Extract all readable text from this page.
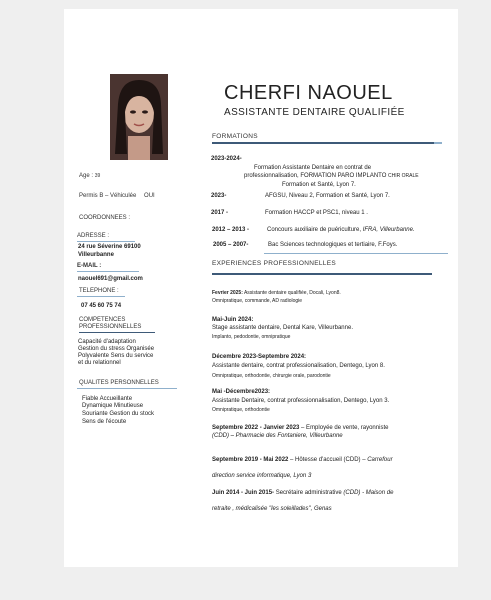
CHERFI NAOUEL
ASSISTANTE DENTAIRE QUALIFIÉE
Age : 39
Permis B – Véhiculée OUI
COORDONNEES :
ADRESSE :
24 rue Séverine 69100
Villeurbanne
E-MAIL :
naouel691@gmail.com
TELEPHONE :
07 45 60 75 74
COMPETENCES
PROFESSIONNELLES
Capacité d'adaptation
Gestion du stress Organisée
Polyvalente Sens du service
et du relationnel
QUALITES PERSONNELLES
Fiable Accueillante
Dynamique Minutieuse
Souriante Gestion du stock
Sens de l'écoute
FORMATIONS
2023-2024-
Formation Assistante Dentaire en contrat de
professionnalisation, FORMATION PARO IMPLANTO CHIR ORALE
Formation et Santé, Lyon 7.
2023-	AFGSU, Niveau 2, Formation et Santé, Lyon 7.
2017 -	Formation HACCP et PSC1, niveau 1 .
2012 – 2013 -	Concours auxiliaire de puériculture, IFRA, Villeurbanne.
2005 – 2007-	Bac Sciences technologiques et tertiaire, F.Foys.
EXPERIENCES PROFESSIONNELLES
Fevrier 2025: Assistante dentaire qualifiée, Docali, Lyon8.
Omnipratique, commande, AD radiologie
Mai-Juin 2024:
Stage assistante dentaire, Dental Kare, Villeurbanne.
Implanto, pedodontie, omnipratique
Décembre 2023-Septembre 2024:
Assistante dentaire, contrat professionalisation, Dentego, Lyon 8.
Omnipratique, orthodontie, chirurgie orale, parodontie
Mai -Décembre2023:
Assistante Dentaire, contrat professionnalisation, Dentego, Lyon 3.
Omnipratique, orthodontie
Septembre 2022 - Janvier 2023 – Employée de vente, rayonniste
(CDD) – Pharmacie des Fontaniere, Villeurbanne
Septembre 2019 - Mai 2022 – Hôtesse d'accueil (CDD) – Carrefour
direction service informatique, Lyon 3
Juin 2014 - Juin 2015- Secrétaire administrative (CDD) - Maison de
retraite , médicalisée "les soleillades", Genas
